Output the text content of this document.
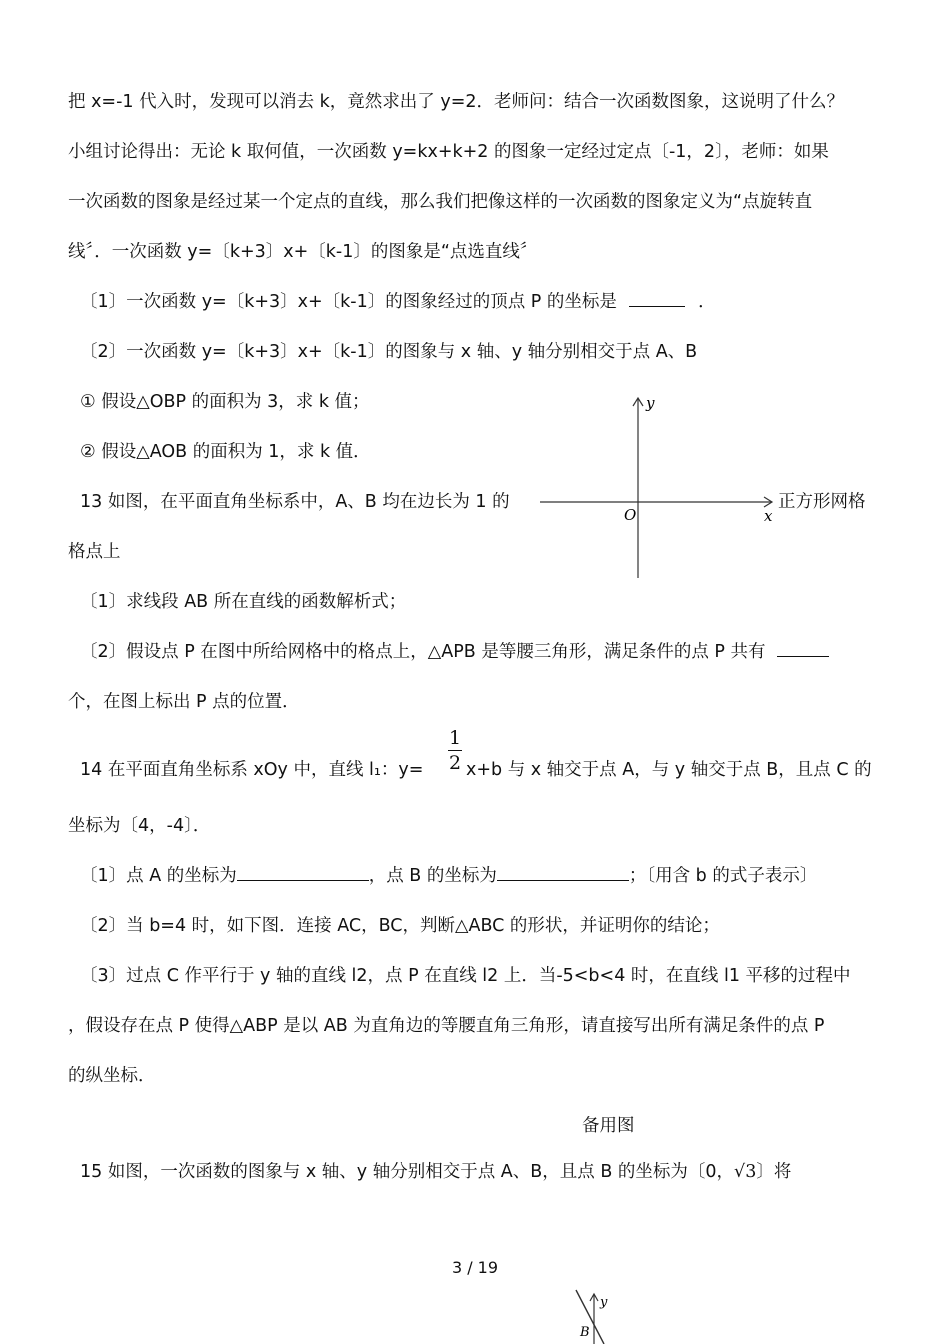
把 x=-1 代入时，发现可以消去 k，竟然求出了 y=2．老师问：结合一次函数图象，这说明了什么？
小组讨论得出：无论 k 取何值，一次函数 y=kx+k+2 的图象一定经过定点〔-1，2〕，老师：如果
一次函数的图象是经过某一个定点的直线，那么我们把像这样的一次函数的图象定义为“点旋转直
线〞．一次函数 y=〔k+3〕x+〔k-1〕的图象是“点选直线〞
〔1〕一次函数 y=〔k+3〕x+〔k-1〕的图象经过的顶点 P 的坐标是	．
〔2〕一次函数 y=〔k+3〕x+〔k-1〕的图象与 x 轴、y 轴分别相交于点 A、B
① 假设△OBP 的面积为 3，求 k 值；
② 假设△AOB 的面积为 1，求 k 值．
13 如图，在平面直角坐标系中，A、B 均在边长为 1 的	正方形网格
格点上
〔1〕求线段 AB 所在直线的函数解析式；
〔2〕假设点 P 在图中所给网格中的格点上，△APB 是等腰三角形，满足条件的点 P 共有
个，在图上标出 P 点的位置．
14 在平面直角坐标系 xOy 中，直线 l₁：y=
1
2 x+b 与 x 轴交于点 A，与 y 轴交于点 B，且点 C 的
坐标为〔4，-4〕．
〔1〕点 A 的坐标为	，点 B 的坐标为	；〔用含 b 的式子表示〕
〔2〕当 b=4 时，如下图．连接 AC，BC，判断△ABC 的形状，并证明你的结论；
〔3〕过点 C 作平行于 y 轴的直线 l2，点 P 在直线 l2 上．当-5<b<4 时，在直线 l1 平移的过程中
，假设存在点 P 使得△ABP 是以 AB 为直角边的等腰直角三角形，请直接写出所有满足条件的点 P
的纵坐标．
备用图
15 如图，一次函数的图象与 x 轴、y 轴分别相交于点 A、B，且点 B 的坐标为〔0，√3〕将
y
x
O
3 / 19
y
B
